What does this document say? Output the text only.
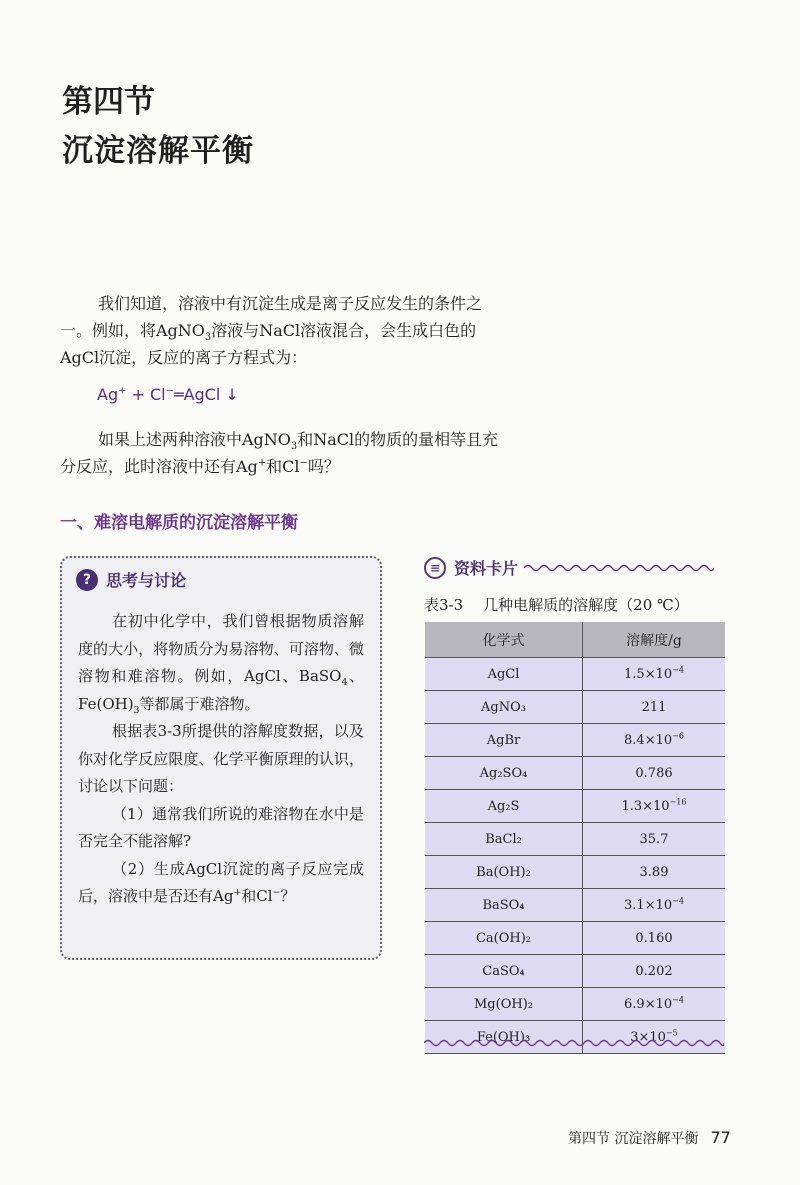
第四节
沉淀溶解平衡

我们知道，溶液中有沉淀生成是离子反应发生的条件之一。例如，将AgNO$_3$溶液与NaCl溶液混合，会生成白色的AgCl沉淀，反应的离子方程式为：

Ag+ + Cl−═AgCl ↓

如果上述两种溶液中AgNO$_3$和NaCl的物质的量相等且充分反应，此时溶液中还有Ag+和Cl−吗？

一、难溶电解质的沉淀溶解平衡
? 思考与讨论

在初中化学中，我们曾根据物质溶解度的大小，将物质分为易溶物、可溶物、微溶物和难溶物。例如，AgCl、BaSO$_4$、$Fe(OH)_3$等都属于难溶物。

根据表3-3所提供的溶解度数据，以及你对化学反应限度、化学平衡原理的认识，讨论以下问题：

（1）通常我们所说的难溶物在水中是否完全不能溶解?

（2）生成AgCl沉淀的离子反应完成后，溶液中是否还有Ag+和Cl−？

≡ 资料卡片
表3-3 几种电解质的溶解度（20 ℃）
化学式	溶解度/g
AgCl	$1.5\times 10^{-4}$
AgNO₃	211
AgBr	$8.4\times 10^{-6}$
Ag₂SO₄	0.786
Ag₂S	$1.3\times 10^{-16}$
BaCl₂	35.7
Ba(OH)₂	3.89
BaSO₄	$3.1\times 10^{-4}$
Ca(OH)₂	0.160
CaSO₄	0.202
Mg(OH)₂	$6.9\times 10^{-4}$
Fe(OH)₃	$3\times 10^{-5}$
第四节 沉淀溶解平衡 77
